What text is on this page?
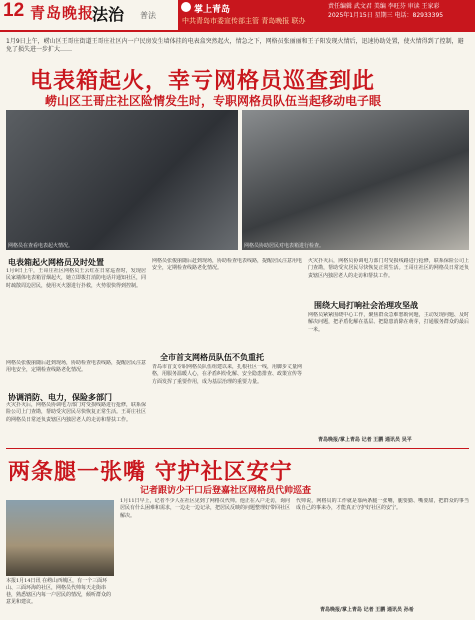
12 青岛晚报
法治 普法
掌上青岛
中共青岛市委宣传部主管 青岛晚报 联办
责任编辑 武文君 美编 李旺芬 审读 王家彩
2025年1月15日 星期三 电话：82933395
1月9日上午，崂山区王哥庄街道王哥庄社区内一户民房发生墙体挂的电表盒突然起火，情急之下，网格员张丽丽和王子阳发现火情后，迅速协助处置，使火情得到了控制，避免了损失进一步扩大……
电表箱起火，幸亏网格员巡查到此
崂山区王哥庄社区险情发生时，专职网格员队伍当起移动电子眼
网格员在查看电表起火情况。	网格员协助居民对电表箱进行检查。
电表箱起火网格员及时处置
1月9日上午，王哥庄社区网格员王云红在日常巡查时，发现居民家墙体电表箱冒烟起火，她立即拨打消防电话并通知社区，同时疏散周边居民，使用灭火器进行扑救，火势很快得到控制。
网格员张俊丽随后赶到现场，协助检查电表线路，提醒居民注意用电安全，定期检查线路老化情况。
协调消防、电力，保险多部门
火灾扑灭后，网格员协调电力部门对受损线路进行抢修，联系保险公司上门查勘，帮助受灾居民尽快恢复正常生活。王哥庄社区的网格员日常还负责辖区内独居老人的走访和帮扶工作。
网格员张俊丽随后赶到现场，协助检查电表线路，提醒居民注意用电安全，定期检查线路老化情况。
全市首支网格员队伍不负重托
青岛市首支专职网格员队伍组建以来，扎根社区一线，用脚步丈量网格，用服务温暖人心，在矛盾纠纷化解、安全隐患排查、政策宣传等方面发挥了重要作用，成为基层治理的重要力量。
火灾扑灭后，网格员协调电力部门对受损线路进行抢修，联系保险公司上门查勘，帮助受灾居民尽快恢复正常生活。王哥庄社区的网格员日常还负责辖区内独居老人的走访和帮扶工作。
围绕大局打响社会治理攻坚战
网格员紧紧围绕中心工作，聚焦群众急难愁盼问题，主动发现问题、及时解决问题，把矛盾化解在基层、把隐患消除在萌芽，打通服务群众的最后一米。
青岛晚报/掌上青岛 记者 王鹏 通讯员 吴平
两条腿一张嘴 守护社区安宁
记者跟访少干口后登嘉社区网格员代帅巡查
本报1月14日讯 在崂山西城区，有一个三面环山、三面环海的社区，网格员代帅每天走街串巷，熟悉辖区内每一户居民的情况，倾听群众的意见和建议。
1月11日早上，记者不少人在社区见到了网格员代帅。他正在入户走访，询问居民有什么困难和需求，一边走一边记录，把居民反映的问题整理好带回社区解决。
代帅说，网格员的工作就是靠两条腿一张嘴，腿要勤、嘴要甜，把群众的事当成自己的事来办，才能真正守护好社区的安宁。
青岛晚报/掌上青岛 记者 王鹏 通讯员 孙希
